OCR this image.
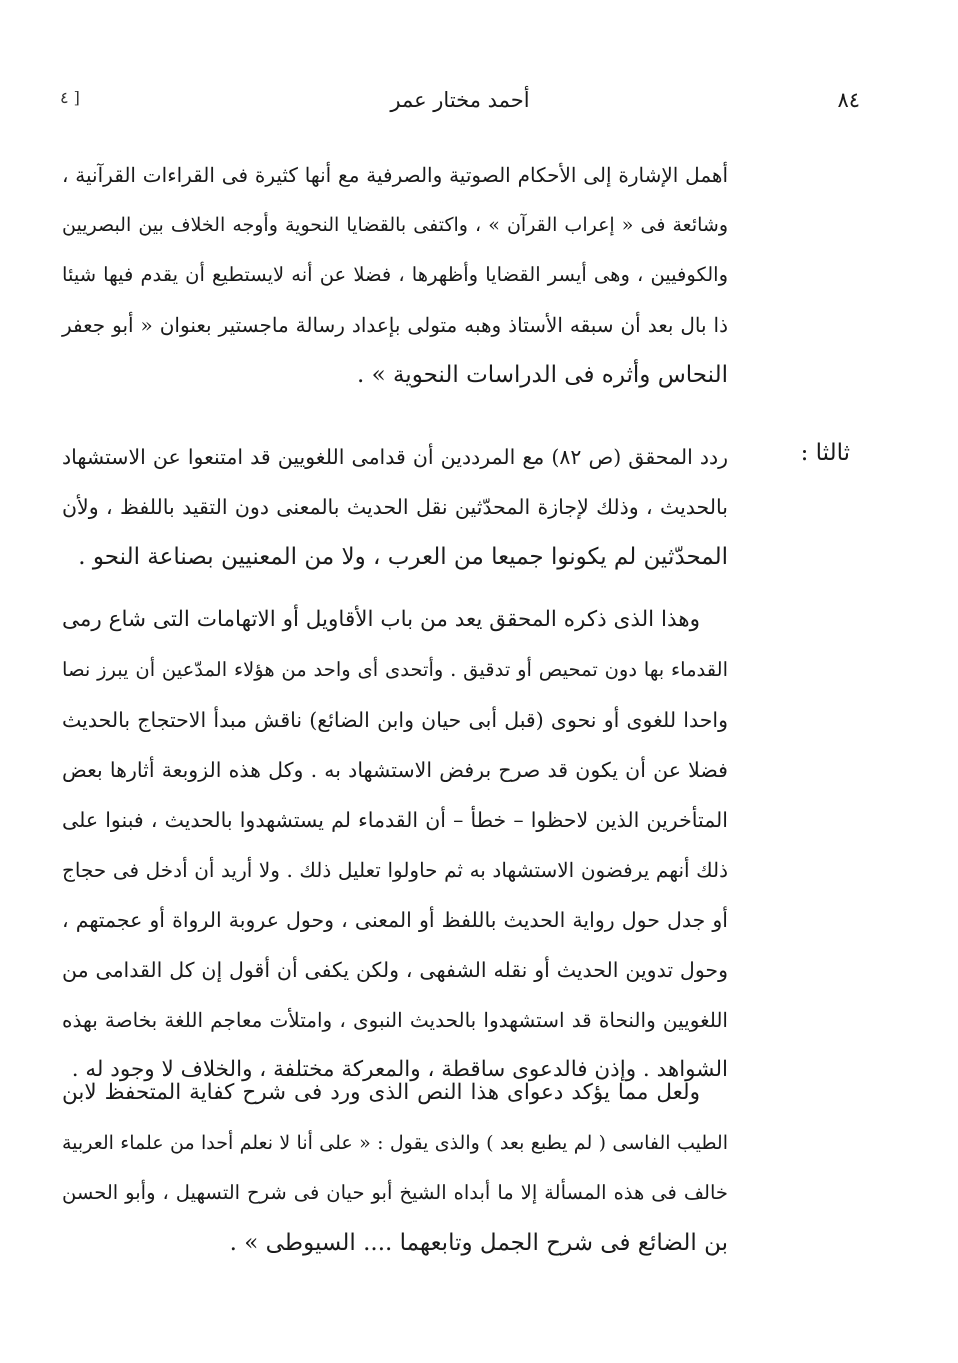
٨٤
أحمد مختار عمر
[ ٤
أهمل الإشارة إلى الأحكام الصوتية والصرفية مع أنها كثيرة فى القراءات القرآنية ،
وشائعة فى « إعراب القرآن » ، واكتفى بالقضايا النحوية وأوجه الخلاف بين البصريين
والكوفيين ، وهى أيسر القضايا وأظهرها ، فضلا عن أنه لايستطيع أن يقدم فيها شيئا
ذا بال بعد أن سبقه الأستاذ وهبه متولى بإعداد رسالة ماجستير بعنوان « أبو جعفر
النحاس وأثره فى الدراسات النحوية » .
ثالثا :
ردد المحقق (ص ٨٢) مع المرددين أن قدامى اللغويين قد امتنعوا عن الاستشهاد
بالحديث ، وذلك لإجازة المحدّثين نقل الحديث بالمعنى دون التقيد باللفظ ، ولأن
المحدّثين لم يكونوا جميعا من العرب ، ولا من المعنيين بصناعة النحو .
وهذا الذى ذكره المحقق يعد من باب الأقاويل أو الاتهامات التى شاع رمى
القدماء بها دون تمحيص أو تدقيق . وأتحدى أى واحد من هؤلاء المدّعين أن يبرز نصا
واحدا للغوى أو نحوى (قبل أبى حيان وابن الضائع) ناقش مبدأ الاحتجاج بالحديث
فضلا عن أن يكون قد صرح برفض الاستشهاد به . وكل هذه الزوبعة أثارها بعض
المتأخرين الذين لاحظوا – خطأ – أن القدماء لم يستشهدوا بالحديث ، فبنوا على
ذلك أنهم يرفضون الاستشهاد به ثم حاولوا تعليل ذلك . ولا أريد أن أدخل فى حجاج
أو جدل حول رواية الحديث باللفظ أو المعنى ، وحول عروبة الرواة أو عجمتهم ،
وحول تدوين الحديث أو نقله الشفهى ، ولكن يكفى أن أقول إن كل القدامى من
اللغويين والنحاة قد استشهدوا بالحديث النبوى ، وامتلأت معاجم اللغة بخاصة بهذه
الشواهد . وإذن فالدعوى ساقطة ، والمعركة مختلفة ، والخلاف لا وجود له .
ولعل مما يؤكد دعواى هذا النص الذى ورد فى شرح كفاية المتحفظ لابن
الطيب الفاسى ( لم يطبع بعد ) والذى يقول : « على أنا لا نعلم أحدا من علماء العربية
خالف فى هذه المسألة إلا ما أبداه الشيخ أبو حيان فى شرح التسهيل ، وأبو الحسن
بن الضائع فى شرح الجمل وتابعهما .... السيوطى » .
